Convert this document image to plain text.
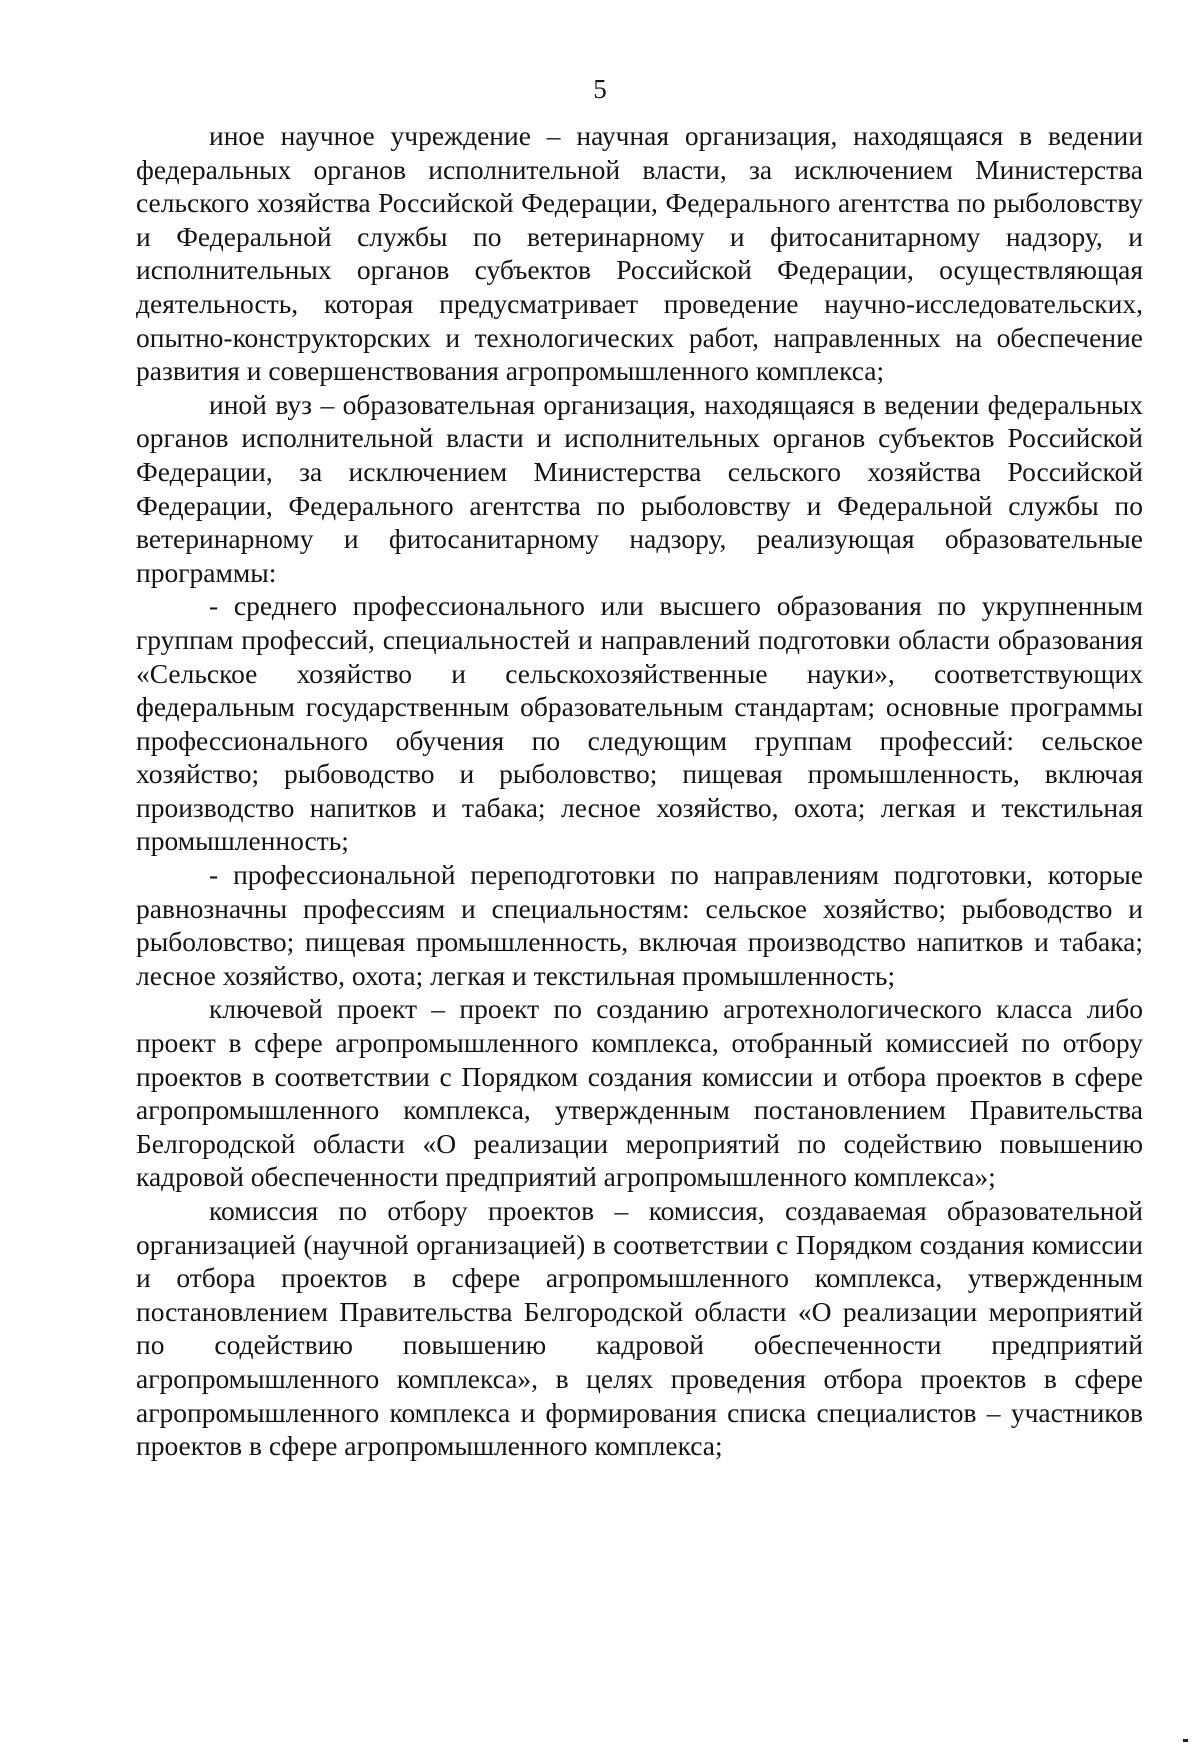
5

иное научное учреждение – научная организация, находящаяся в ведении федеральных органов исполнительной власти, за исключением Министерства сельского хозяйства Российской Федерации, Федерального агентства по рыболовству и Федеральной службы по ветеринарному и фитосанитарному надзору, и исполнительных органов субъектов Российской Федерации, осуществляющая деятельность, которая предусматривает проведение научно-исследовательских, опытно-конструкторских и технологических работ, направленных на обеспечение развития и совершенствования агропромышленного комплекса;

иной вуз – образовательная организация, находящаяся в ведении федеральных органов исполнительной власти и исполнительных органов субъектов Российской Федерации, за исключением Министерства сельского хозяйства Российской Федерации, Федерального агентства по рыболовству и Федеральной службы по ветеринарному и фитосанитарному надзору, реализующая образовательные программы:

- среднего профессионального или высшего образования по укрупненным группам профессий, специальностей и направлений подготовки области образования «Сельское хозяйство и сельскохозяйственные науки», соответствующих федеральным государственным образовательным стандартам; основные программы профессионального обучения по следующим группам профессий: сельское хозяйство; рыбоводство и рыболовство; пищевая промышленность, включая производство напитков и табака; лесное хозяйство, охота; легкая и текстильная промышленность;

- профессиональной переподготовки по направлениям подготовки, которые равнозначны профессиям и специальностям: сельское хозяйство; рыбоводство и рыболовство; пищевая промышленность, включая производство напитков и табака; лесное хозяйство, охота; легкая и текстильная промышленность;

ключевой проект – проект по созданию агротехнологического класса либо проект в сфере агропромышленного комплекса, отобранный комиссией по отбору проектов в соответствии с Порядком создания комиссии и отбора проектов в сфере агропромышленного комплекса, утвержденным постановлением Правительства Белгородской области «О реализации мероприятий по содействию повышению кадровой обеспеченности предприятий агропромышленного комплекса»;

комиссия по отбору проектов – комиссия, создаваемая образовательной организацией (научной организацией) в соответствии с Порядком создания комиссии и отбора проектов в сфере агропромышленного комплекса, утвержденным постановлением Правительства Белгородской области «О реализации мероприятий по содействию повышению кадровой обеспеченности предприятий агропромышленного комплекса», в целях проведения отбора проектов в сфере агропромышленного комплекса и формирования списка специалистов – участников проектов в сфере агропромышленного комплекса;
